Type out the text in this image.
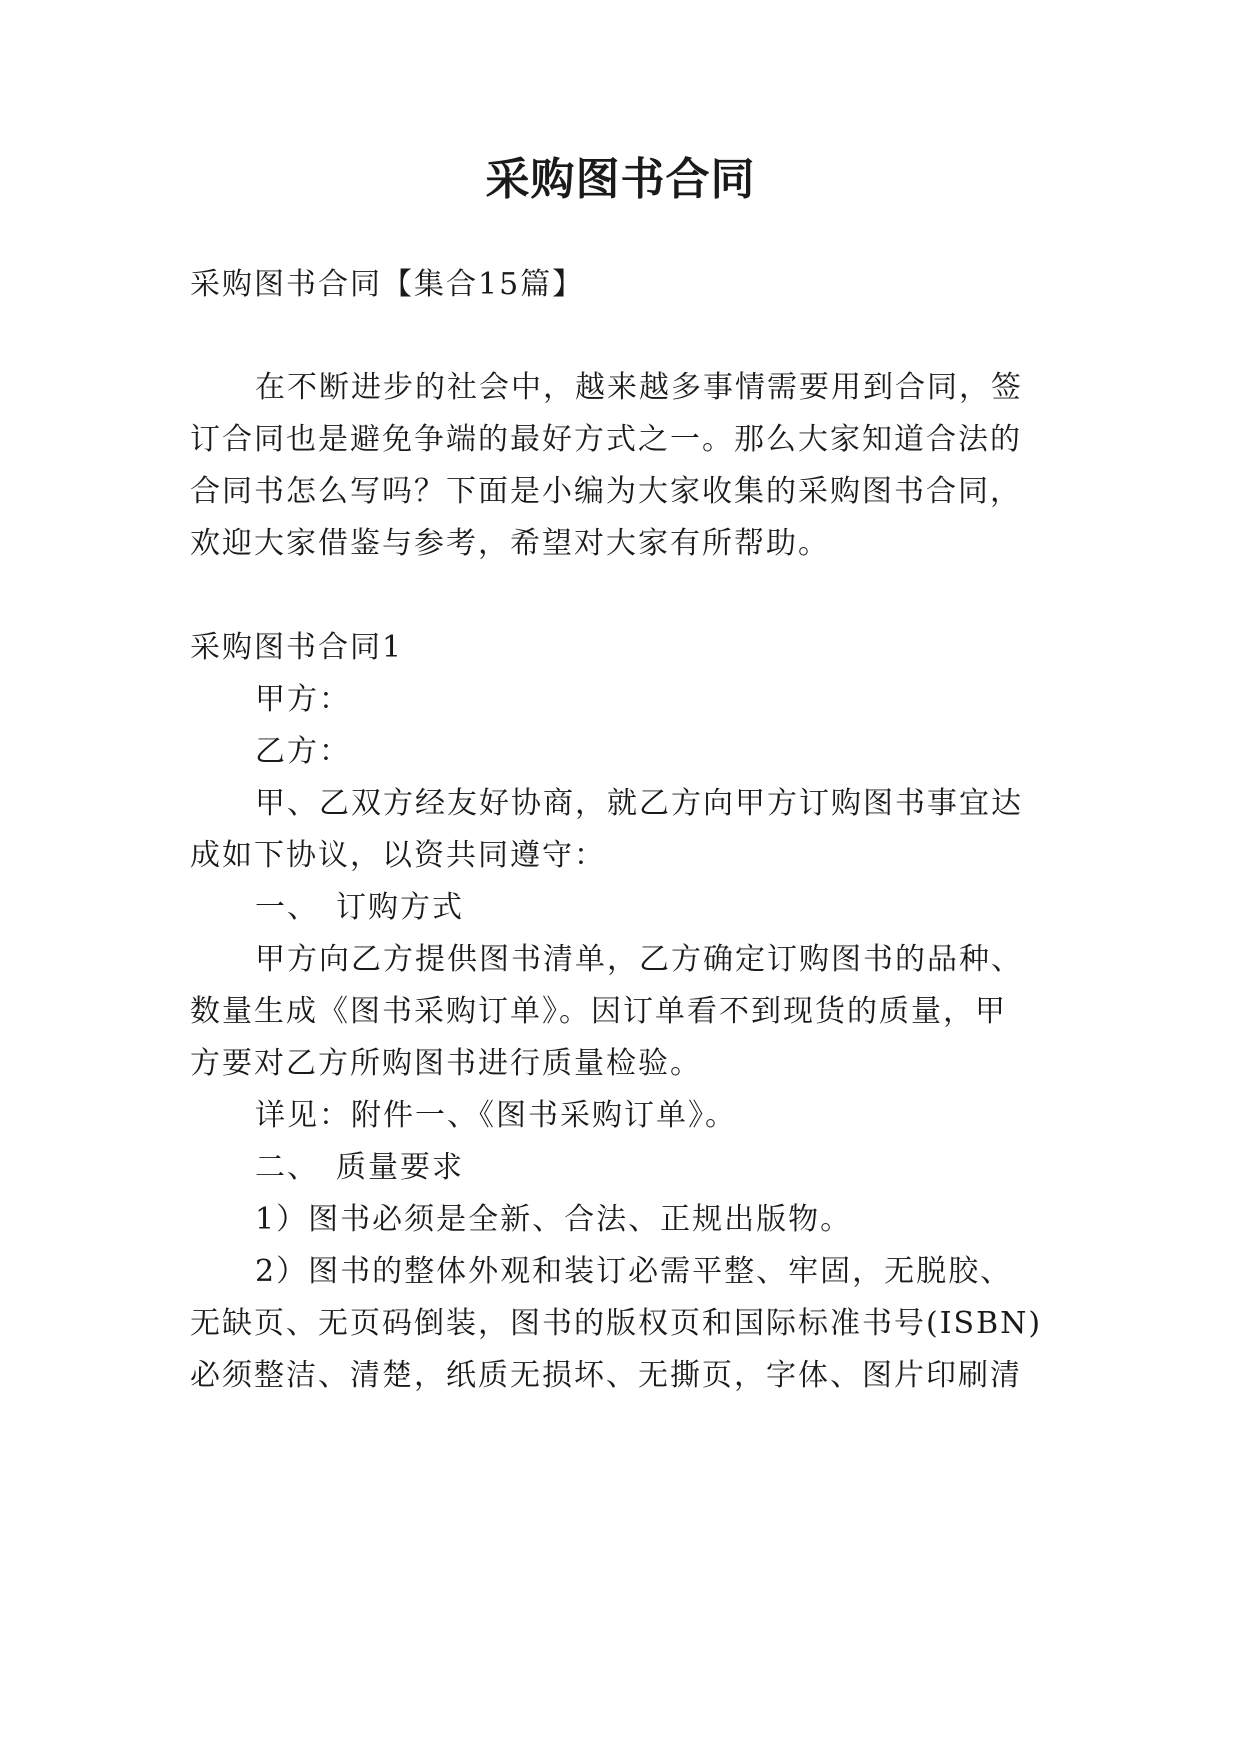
采购图书合同
采购图书合同【集合15篇】
在不断进步的社会中，越来越多事情需要用到合同，签
订合同也是避免争端的最好方式之一。那么大家知道合法的
合同书怎么写吗？下面是小编为大家收集的采购图书合同，
欢迎大家借鉴与参考，希望对大家有所帮助。
采购图书合同1
甲方：
乙方：
甲、乙双方经友好协商，就乙方向甲方订购图书事宜达
成如下协议，以资共同遵守：
一、　订购方式
甲方向乙方提供图书清单，乙方确定订购图书的品种、
数量生成《图书采购订单》。因订单看不到现货的质量，甲
方要对乙方所购图书进行质量检验。
详见：附件一、《图书采购订单》。
二、　质量要求
1）图书必须是全新、合法、正规出版物。
2）图书的整体外观和装订必需平整、牢固，无脱胶、
无缺页、无页码倒装，图书的版权页和国际标准书号(ISBN)
必须整洁、清楚，纸质无损坏、无撕页，字体、图片印刷清
